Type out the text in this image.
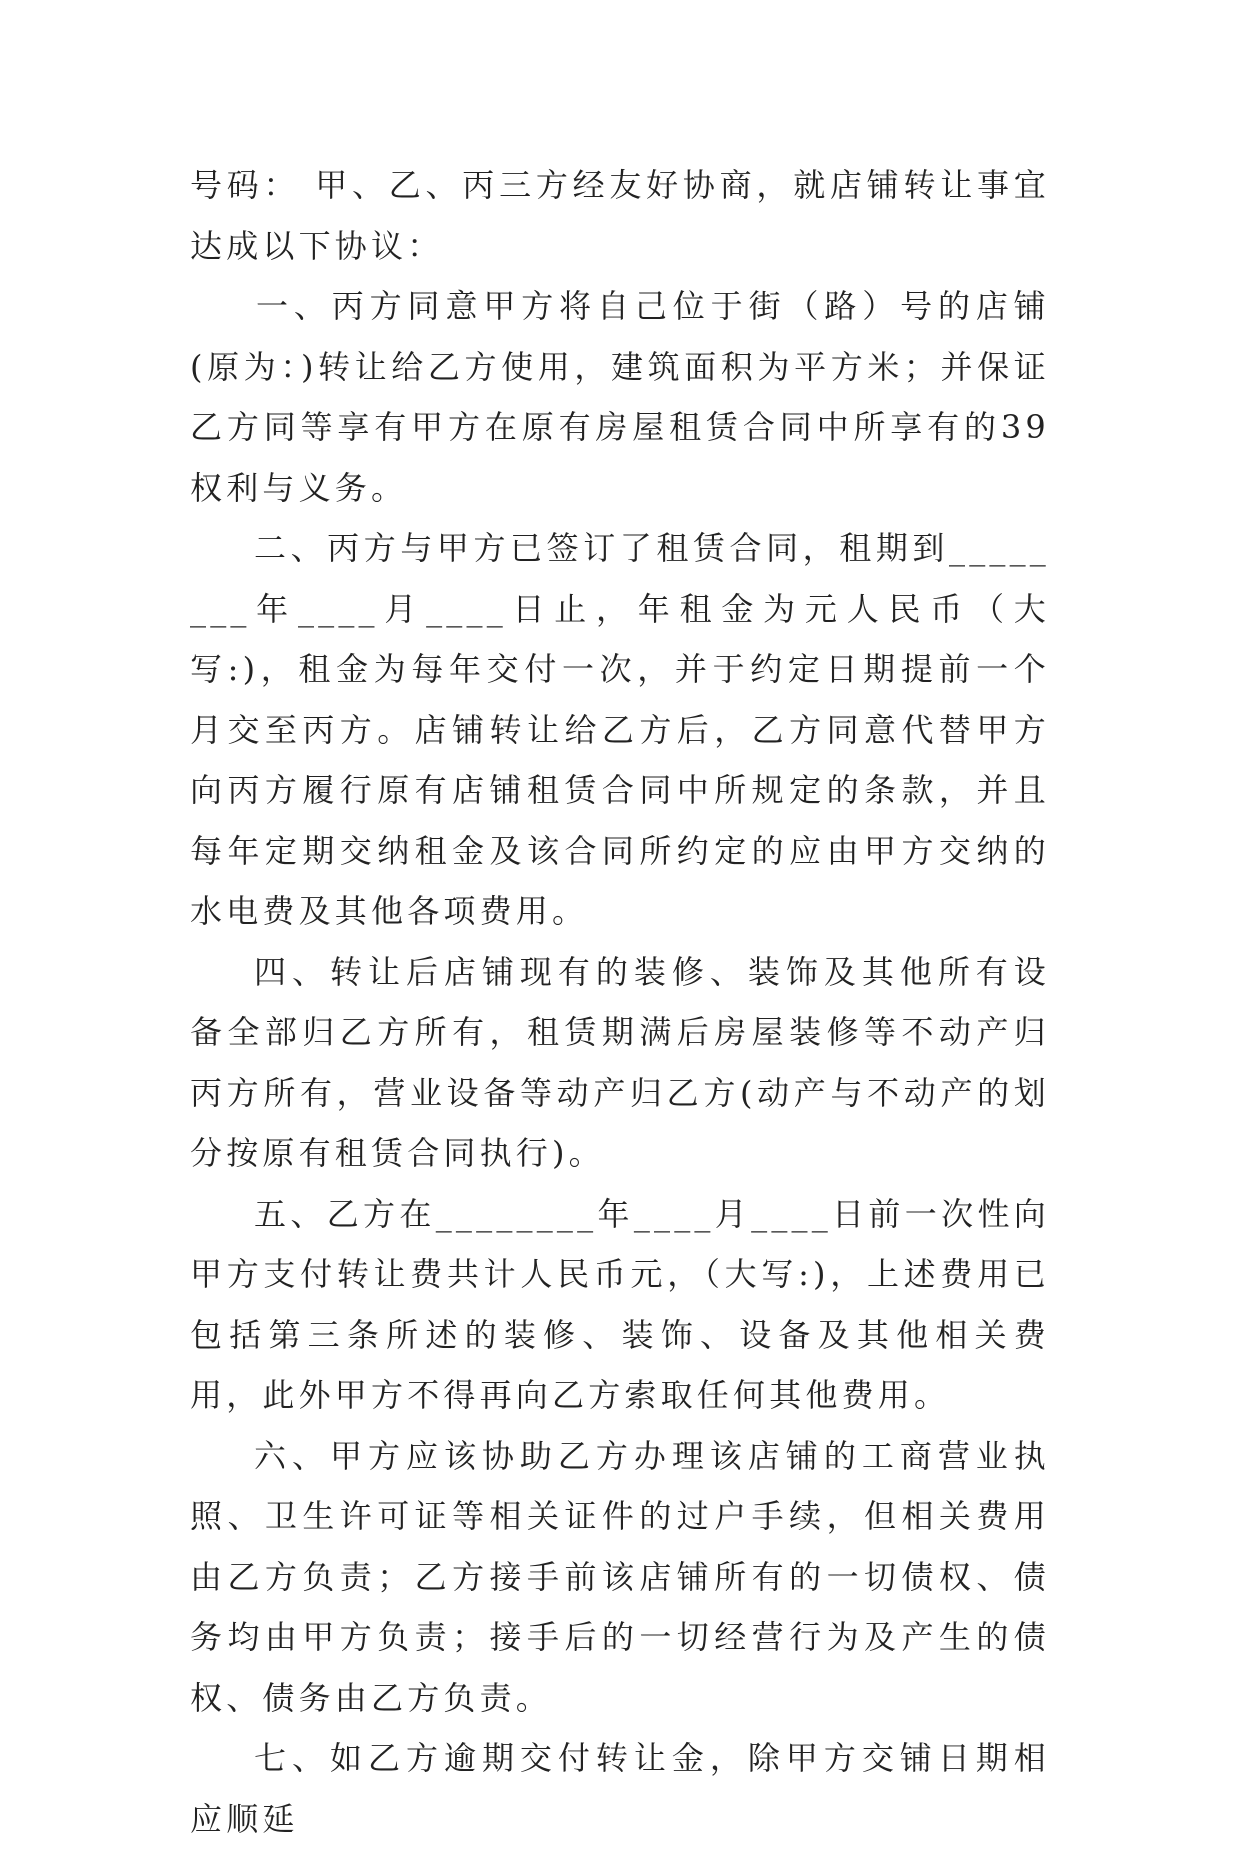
号码： 甲、乙、丙三方经友好协商，就店铺转让事宜达成以下协议：

一、丙方同意甲方将自己位于街（路）号的店铺(原为：)转让给乙方使用，建筑面积为平方米；并保证乙方同等享有甲方在原有房屋租赁合同中所享有的39权利与义务。

二、丙方与甲方已签订了租赁合同，租期到________年____月____日止，年租金为元人民币（大写:)，租金为每年交付一次，并于约定日期提前一个月交至丙方。店铺转让给乙方后，乙方同意代替甲方向丙方履行原有店铺租赁合同中所规定的条款，并且每年定期交纳租金及该合同所约定的应由甲方交纳的水电费及其他各项费用。

四、转让后店铺现有的装修、装饰及其他所有设备全部归乙方所有，租赁期满后房屋装修等不动产归丙方所有，营业设备等动产归乙方(动产与不动产的划分按原有租赁合同执行)。

五、乙方在________年____月____日前一次性向甲方支付转让费共计人民币元，（大写:)，上述费用已包括第三条所述的装修、装饰、设备及其他相关费用，此外甲方不得再向乙方索取任何其他费用。

六、甲方应该协助乙方办理该店铺的工商营业执照、卫生许可证等相关证件的过户手续，但相关费用由乙方负责；乙方接手前该店铺所有的一切债权、债务均由甲方负责；接手后的一切经营行为及产生的债权、债务由乙方负责。

七、如乙方逾期交付转让金，除甲方交铺日期相应顺延
